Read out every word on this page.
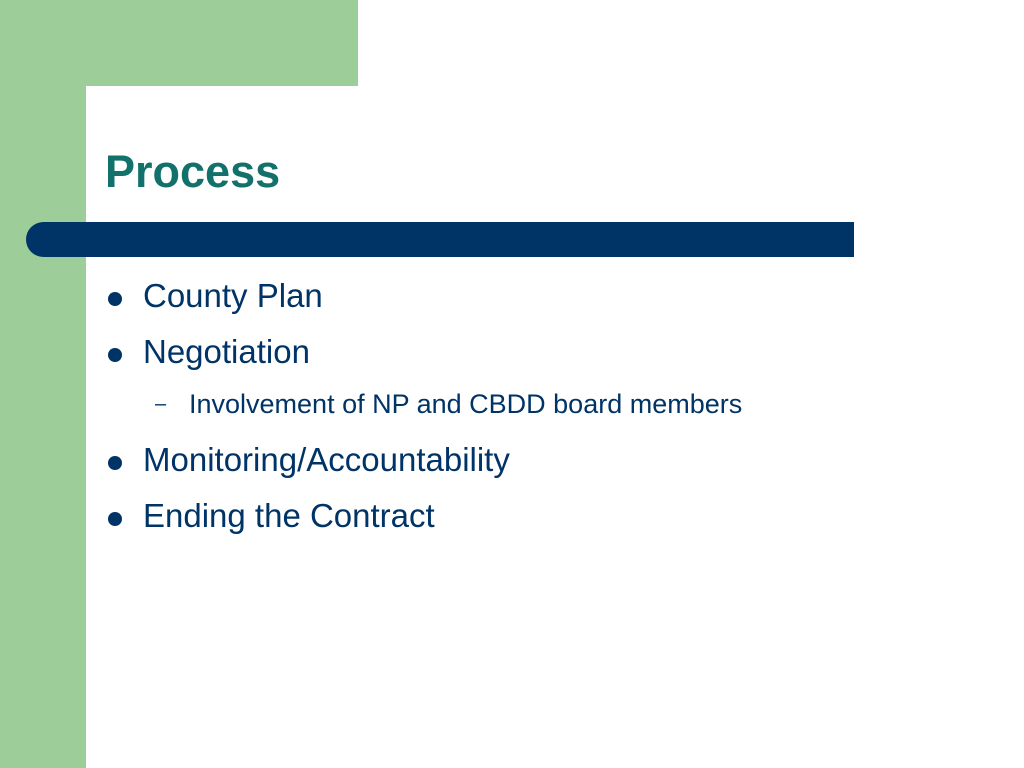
Process
County Plan
Negotiation
– Involvement of NP and CBDD board members
Monitoring/Accountability
Ending the Contract
